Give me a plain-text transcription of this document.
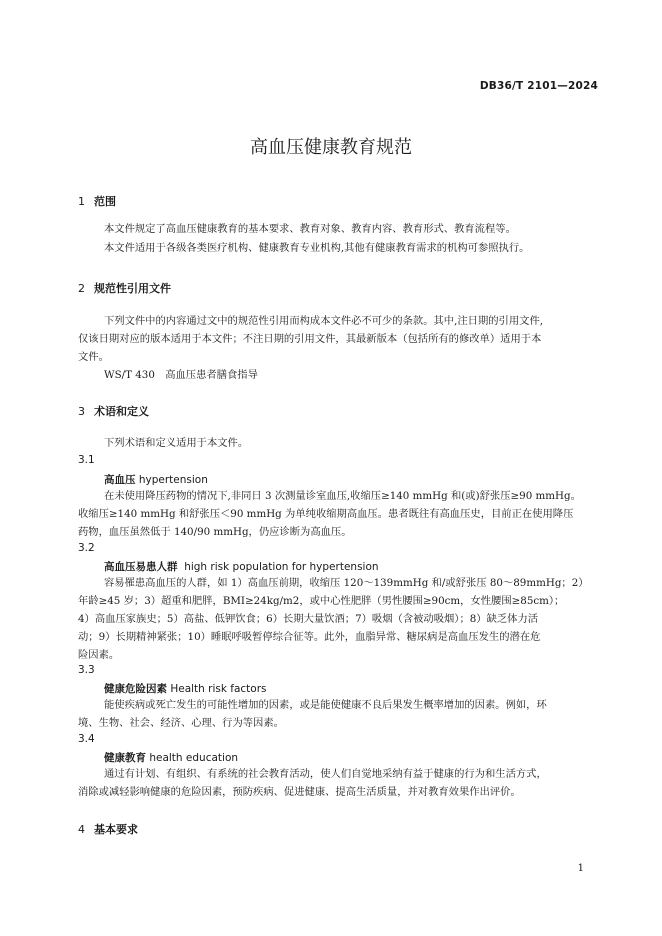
DB36/T 2101—2024
高血压健康教育规范
1 范围
本文件规定了高血压健康教育的基本要求、教育对象、教育内容、教育形式、教育流程等。
本文件适用于各级各类医疗机构、健康教育专业机构,其他有健康教育需求的机构可参照执行。
2 规范性引用文件
下列文件中的内容通过文中的规范性引用而构成本文件必不可少的条款。其中,注日期的引用文件,
仅该日期对应的版本适用于本文件；不注日期的引用文件，其最新版本（包括所有的修改单）适用于本
文件。
WS/T 430　高血压患者膳食指导
3 术语和定义
下列术语和定义适用于本文件。
3.1
高血压 hypertension
在未使用降压药物的情况下,非同日 3 次测量诊室血压,收缩压≥140 mmHg 和(或)舒张压≥90 mmHg。
收缩压≥140 mmHg 和舒张压＜90 mmHg 为单纯收缩期高血压。患者既往有高血压史，目前正在使用降压
药物，血压虽然低于 140/90 mmHg，仍应诊断为高血压。
3.2
高血压易患人群 high risk population for hypertension
容易罹患高血压的人群，如 1）高血压前期，收缩压 120～139mmHg 和/或舒张压 80～89mmHg；2）
年龄≥45 岁；3）超重和肥胖，BMI≥24kg/m2，或中心性肥胖（男性腰围≥90cm，女性腰围≥85cm）；
4）高血压家族史；5）高盐、低钾饮食；6）长期大量饮酒；7）吸烟（含被动吸烟）；8）缺乏体力活
动；9）长期精神紧张；10）睡眠呼吸暂停综合征等。此外，血脂异常、糖尿病是高血压发生的潜在危
险因素。
3.3
健康危险因素 Health risk factors
能使疾病或死亡发生的可能性增加的因素，或是能使健康不良后果发生概率增加的因素。例如，环
境、生物、社会、经济、心理、行为等因素。
3.4
健康教育 health education
通过有计划、有组织、有系统的社会教育活动，使人们自觉地采纳有益于健康的行为和生活方式，
消除或减轻影响健康的危险因素，预防疾病、促进健康、提高生活质量，并对教育效果作出评价。
4 基本要求
1
